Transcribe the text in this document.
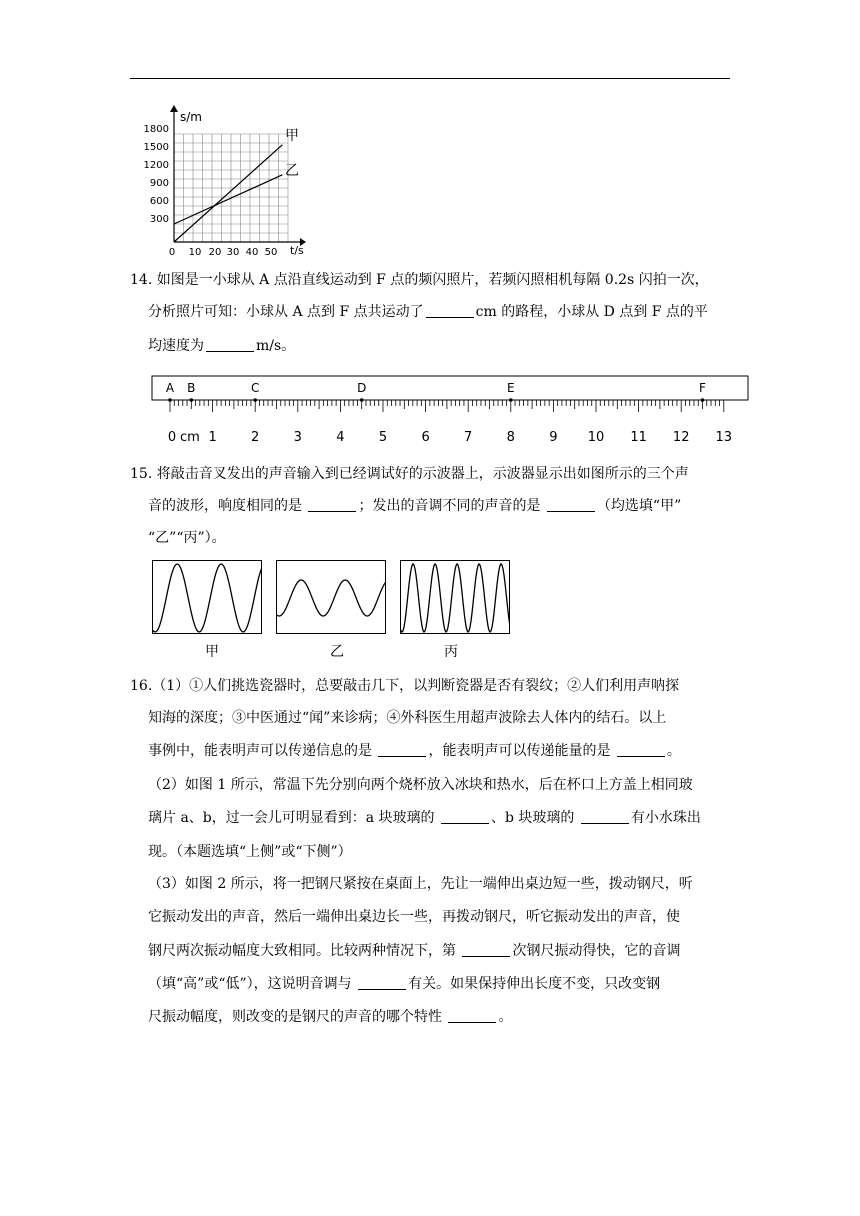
s/m
t/s
1800
1500
1200
900
600
300
0 10 20 30 40 50
甲
乙
14. 如图是一小球从 A 点沿直线运动到 F 点的频闪照片，若频闪照相机每隔 0.2s 闪拍一次，
分析照片可知：小球从 A 点到 F 点共运动了	cm 的路程，小球从 D 点到 F 点的平
均速度为	m/s。
A B	C	D	E	F
0 1	2	3	4	5	6	7	8	9 10 11 12 13
cm
15. 将敲击音叉发出的声音输入到已经调试好的示波器上，示波器显示出如图所示的三个声
音的波形，响度相同的是	；发出的音调不同的声音的是	（均选填“甲”
“乙”“丙”）。
甲	乙	丙
16.（1）①人们挑选瓷器时，总要敲击几下，以判断瓷器是否有裂纹；②人们利用声呐探
知海的深度；③中医通过“闻”来诊病；④外科医生用超声波除去人体内的结石。以上
事例中，能表明声可以传递信息的是	，能表明声可以传递能量的是	。
（2）如图 1 所示，常温下先分别向两个烧杯放入冰块和热水，后在杯口上方盖上相同玻
璃片 a、b，过一会儿可明显看到：a 块玻璃的	、b 块玻璃的	有小水珠出
现。（本题选填“上侧”或“下侧”）
（3）如图 2 所示，将一把钢尺紧按在桌面上，先让一端伸出桌边短一些，拨动钢尺，听
它振动发出的声音，然后一端伸出桌边长一些，再拨动钢尺，听它振动发出的声音，使
钢尺两次振动幅度大致相同。比较两种情况下，第	次钢尺振动得快，它的音调
（填“高”或“低”），这说明音调与	有关。如果保持伸出长度不变，只改变钢
尺振动幅度，则改变的是钢尺的声音的哪个特性	。
